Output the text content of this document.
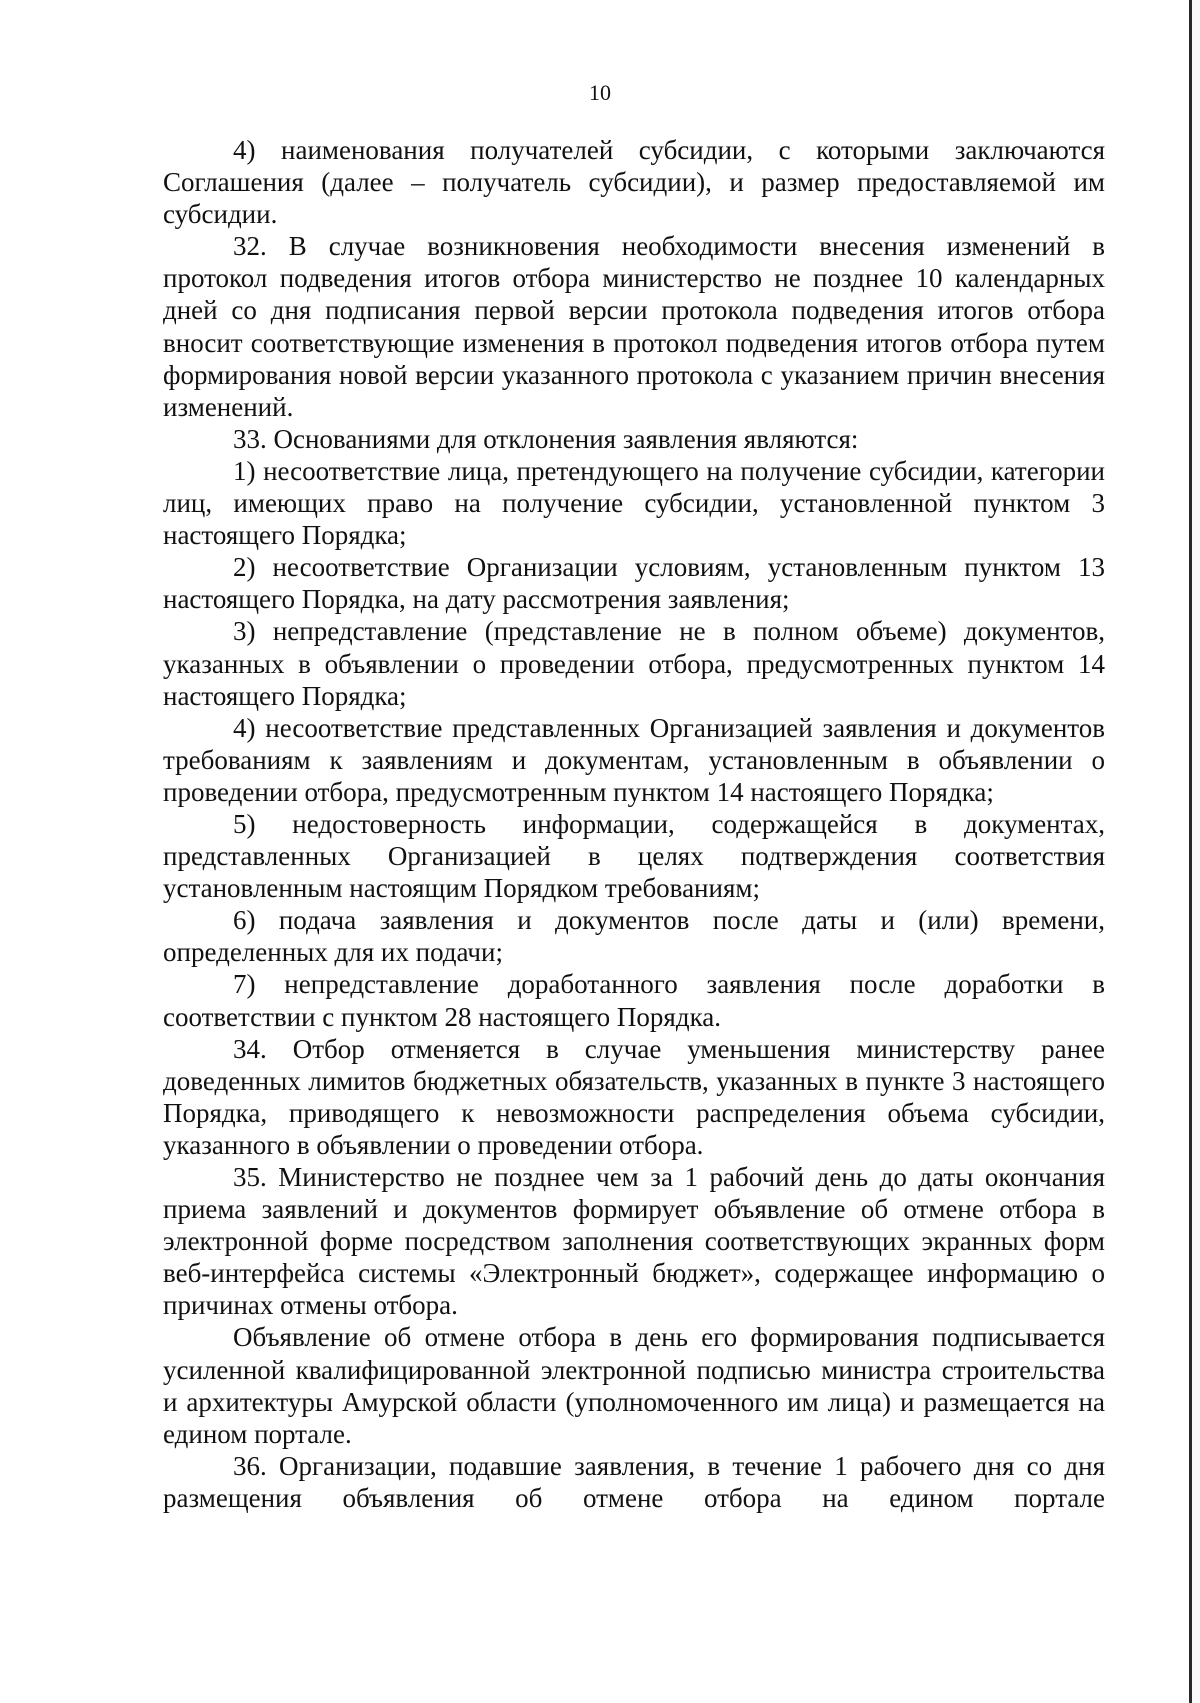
10

4) наименования получателей субсидии, с которыми заключаются Соглашения (далее – получатель субсидии), и размер предоставляемой им субсидии.

32. В случае возникновения необходимости внесения изменений в протокол подведения итогов отбора министерство не позднее 10 календарных дней со дня подписания первой версии протокола подведения итогов отбора вносит соответствующие изменения в протокол подведения итогов отбора путем формирования новой версии указанного протокола с указанием причин внесения изменений.

33. Основаниями для отклонения заявления являются:

1) несоответствие лица, претендующего на получение субсидии, категории лиц, имеющих право на получение субсидии, установленной пунктом 3 настоящего Порядка;

2) несоответствие Организации условиям, установленным пунктом 13 настоящего Порядка, на дату рассмотрения заявления;

3) непредставление (представление не в полном объеме) документов, указанных в объявлении о проведении отбора, предусмотренных пунктом 14 настоящего Порядка;

4) несоответствие представленных Организацией заявления и документов требованиям к заявлениям и документам, установленным в объявлении о проведении отбора, предусмотренным пунктом 14 настоящего Порядка;

5) недостоверность информации, содержащейся в документах, представленных Организацией в целях подтверждения соответствия установленным настоящим Порядком требованиям;

6) подача заявления и документов после даты и (или) времени, определенных для их подачи;

7) непредставление доработанного заявления после доработки в соответствии с пунктом 28 настоящего Порядка.

34. Отбор отменяется в случае уменьшения министерству ранее доведенных лимитов бюджетных обязательств, указанных в пункте 3 настоящего Порядка, приводящего к невозможности распределения объема субсидии, указанного в объявлении о проведении отбора.

35. Министерство не позднее чем за 1 рабочий день до даты окончания приема заявлений и документов формирует объявление об отмене отбора в электронной форме посредством заполнения соответствующих экранных форм веб-интерфейса системы «Электронный бюджет», содержащее информацию о причинах отмены отбора.

Объявление об отмене отбора в день его формирования подписывается усиленной квалифицированной электронной подписью министра строительства и архитектуры Амурской области (уполномоченного им лица) и размещается на едином портале.

36. Организации, подавшие заявления, в течение 1 рабочего дня со дня размещения объявления об отмене отбора на едином портале
